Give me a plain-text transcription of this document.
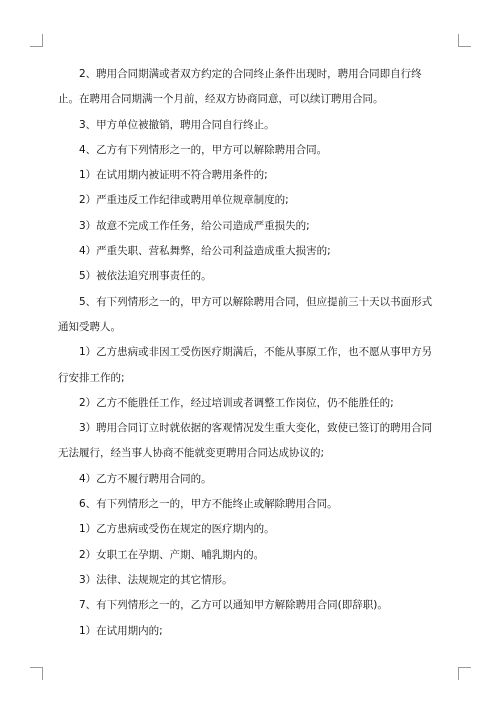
2、聘用合同期满或者双方约定的合同终止条件出现时，聘用合同即自行终止。在聘用合同期满一个月前，经双方协商同意，可以续订聘用合同。

3、甲方单位被撤销，聘用合同自行终止。

4、乙方有下列情形之一的，甲方可以解除聘用合同。

1）在试用期内被证明不符合聘用条件的;

2）严重违反工作纪律或聘用单位规章制度的;

3）故意不完成工作任务，给公司造成严重损失的;

4）严重失职、营私舞弊，给公司利益造成重大损害的;

5）被依法追究刑事责任的。

5、有下列情形之一的，甲方可以解除聘用合同，但应提前三十天以书面形式通知受聘人。

1）乙方患病或非因工受伤医疗期满后，不能从事原工作，也不愿从事甲方另行安排工作的;

2）乙方不能胜任工作，经过培训或者调整工作岗位，仍不能胜任的;

3）聘用合同订立时就依据的客观情况发生重大变化，致使已签订的聘用合同无法履行，经当事人协商不能就变更聘用合同达成协议的;

4）乙方不履行聘用合同的。

6、有下列情形之一的，甲方不能终止或解除聘用合同。

1）乙方患病或受伤在规定的医疗期内的。

2）女职工在孕期、产期、哺乳期内的。

3）法律、法规规定的其它情形。

7、有下列情形之一的，乙方可以通知甲方解除聘用合同(即辞职)。

1）在试用期内的;
